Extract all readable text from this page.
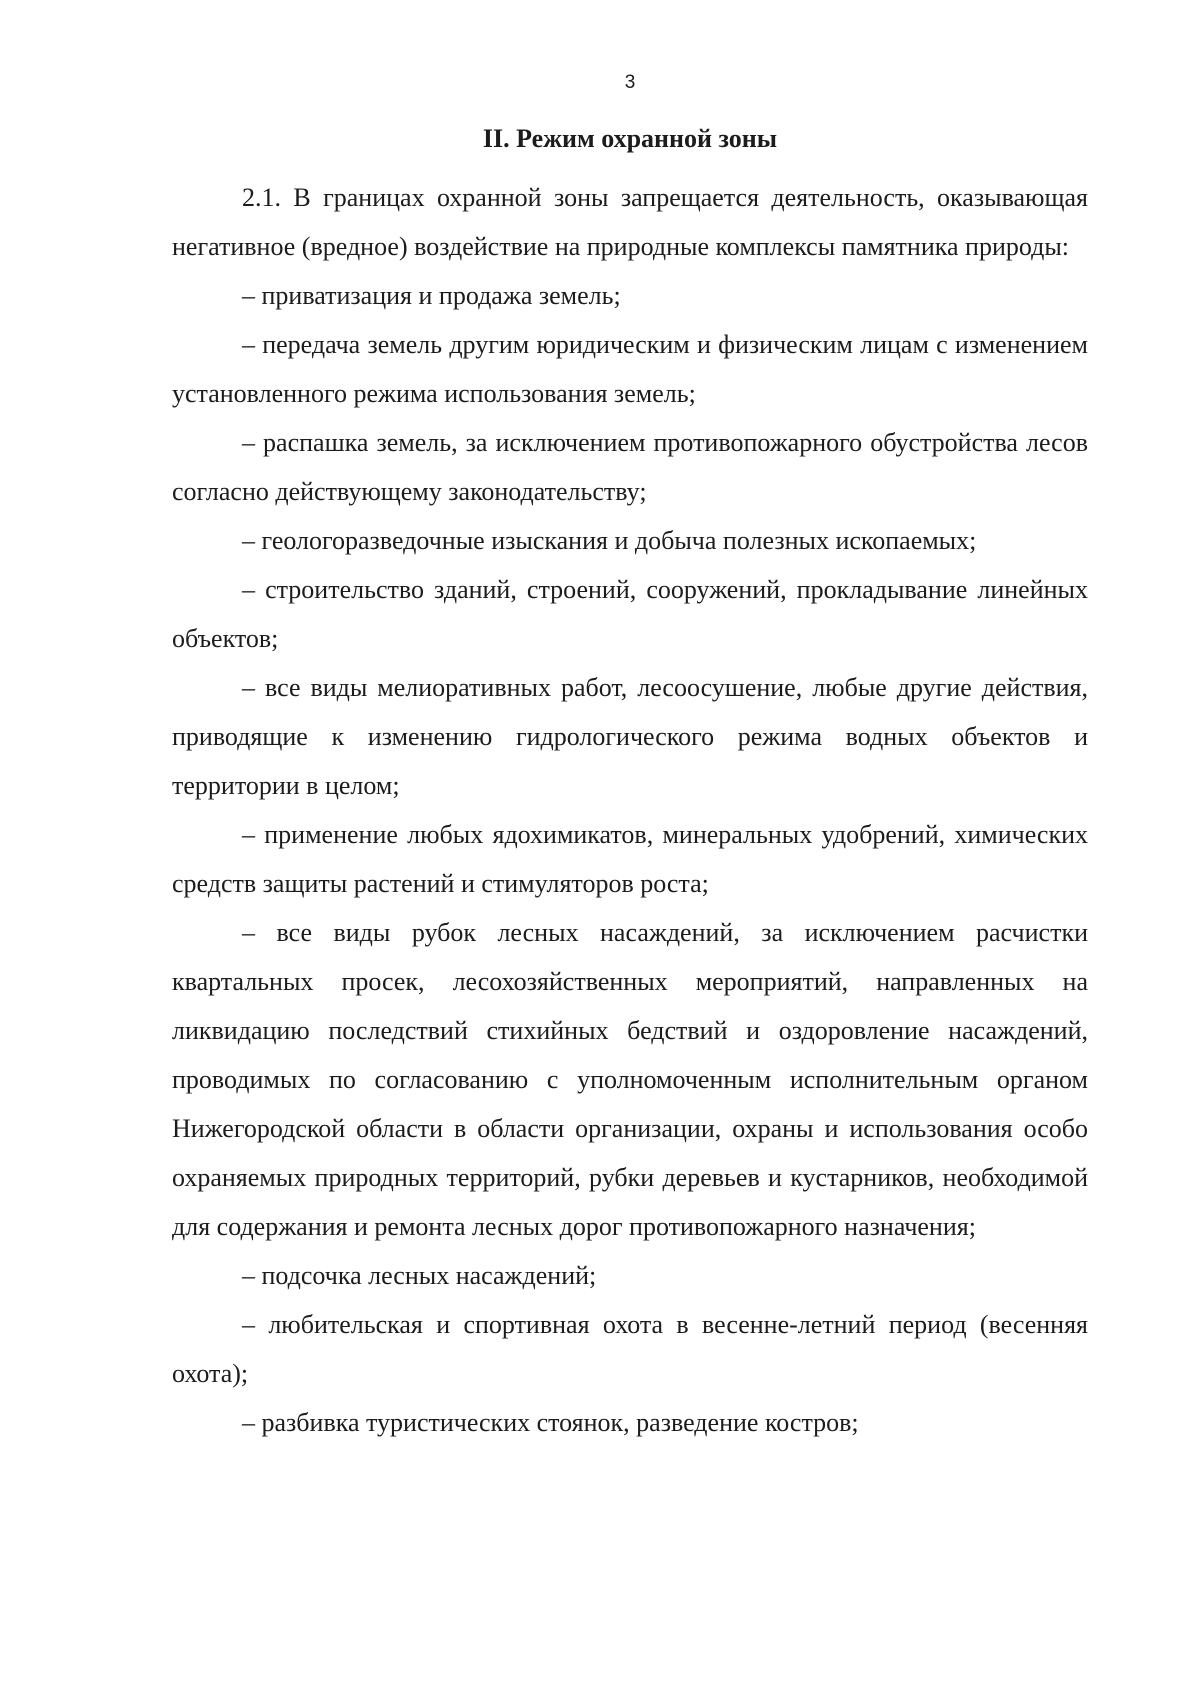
3
II. Режим охранной зоны

2.1. В границах охранной зоны запрещается деятельность, оказывающая негативное (вредное) воздействие на природные комплексы памятника природы:

– приватизация и продажа земель;

– передача земель другим юридическим и физическим лицам с изменением установленного режима использования земель;

– распашка земель, за исключением противопожарного обустройства лесов согласно действующему законодательству;

– геологоразведочные изыскания и добыча полезных ископаемых;

– строительство зданий, строений, сооружений, прокладывание линейных объектов;

– все виды мелиоративных работ, лесоосушение, любые другие действия, приводящие к изменению гидрологического режима водных объектов и территории в целом;

– применение любых ядохимикатов, минеральных удобрений, химических средств защиты растений и стимуляторов роста;

– все виды рубок лесных насаждений, за исключением расчистки квартальных просек, лесохозяйственных мероприятий, направленных на ликвидацию последствий стихийных бедствий и оздоровление насаждений, проводимых по согласованию с уполномоченным исполнительным органом Нижегородской области в области организации, охраны и использования особо охраняемых природных территорий, рубки деревьев и кустарников, необходимой для содержания и ремонта лесных дорог противопожарного назначения;

– подсочка лесных насаждений;

– любительская и спортивная охота в весенне-летний период (весенняя охота);

– разбивка туристических стоянок, разведение костров;
